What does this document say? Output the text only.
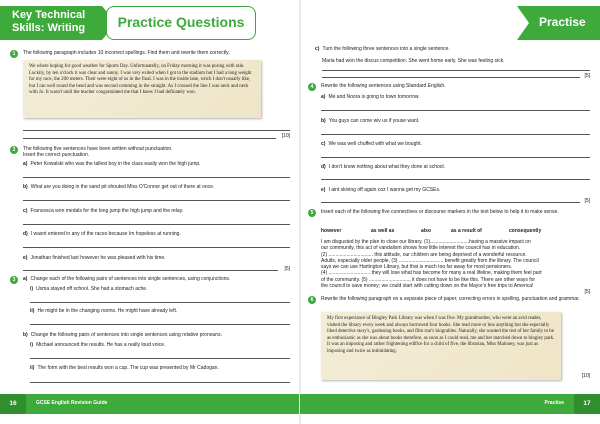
Key Technical
Skills: Writing	Practice Questions
1	The following paragraph includes 10 incorrect spellings. Find them and rewrite them correctly.
We where hoping for good weather for Sports Day. Unfortunatelly, on Friday morning it was poring with rain. Luckily, by ten o'clock it was clear and sunny. I was very exited when I got to the stadium but I had a long weight for my race, the 200 meters. Their were eight of us in the final. I was in the inside lane, witch I don't usually like, but I ran well round the bend and was second comming in the straight. As I crossed the line I was neck and neck with Jo. It wasn't until the teacher congratulated me that I knew I had definately won.
[10]
2	The following five sentences have been written without punctuation.
Insert the correct punctuation.
a) Peter Kowalski who was the tallest boy in the class easily won the high jump.
b) What are you doing in the sand pit shouted Miss O'Connor get out of there at once.
c) Francesca won medals for the long jump the high jump and the relay.
d) I wasnt entered in any of the races because Im hopeless at running.
e) Jonathan finished last however he was pleased with his time.
[5]
3	a) Change each of the following pairs of sentences into single sentences, using conjunctions.
i) Usma stayed off school. She had a stomach ache.
ii) He might be in the changing rooms. He might have already left.
b) Change the following pairs of sentences into single sentences using relative pronouns.
i) Michael announced the results. He has a really loud voice.
ii) The form with the best results won a cup. The cup was presented by Mr Cadogan.
16	GCSE English Revision Guide
Practise
c) Turn the following three sentences into a single sentence.
Maria had won the discus competition. She went home early. She was feeling sick.
[5]
4	Rewrite the following sentences using Standard English.
a) Me and Noora is going to town tomorrow.
b) You guys can come wiv us if youse want.
c) We was well chuffed with what we bought.
d) I don't know nothing about what they done at school.
e) I aint skiving off again coz I wanna get my GCSEs.
[5]
5	Insert each of the following five connectives or discourse markers in the text below to help it to make sense.
however	as well as	also	as a result of	consequently
I am disgusted by the plan to close our library. (1)............................having a massive impact on
our community, this act of vandalism shows how little interest the council has in education.
(2) ................................ this attitude, our children are being deprived of a wonderful resource.
Adults, especially older people, (3) ................................ benefit greatly from the library. The council
says we can use Hartington Library, but that is much too far away for most pensioners.
(4) .............................. they will lose what has become for many a real lifeline, making them feel part
of the community. (5) ............................., it does not have to be like this. There are other ways for
the council to save money; we could start with cutting down on the Mayor's free trips to America!
[5]
6	Rewrite the following paragraph on a separate piece of paper, correcting errors in spelling, punctuation and grammar.
My first experiance of Bingley Park Library was when I was five. My grandmother, who were an avid reader, visited the library every week and always borrowed four books. She read more or less anything but she especially liked detective story's, gardening books, and film star's biogrables. Naturally, she wanted the rest of her family to be as enthusiastic as she was about books therefore, as soon as I could read, me and her marched down to bingley park. It was an imposing and rather frightening edifice for a child of five, the librarian, Miss Maloney, was just as imposing and twice as intimidating.
[10]
Practise	17
